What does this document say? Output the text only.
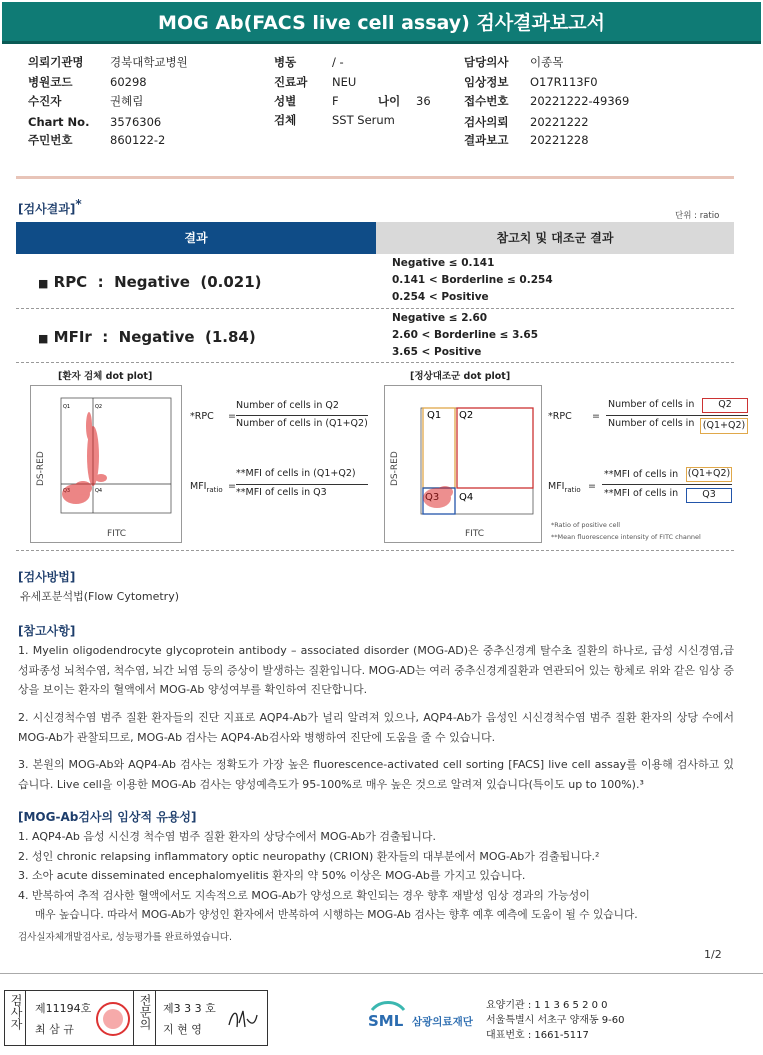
MOG Ab(FACS live cell assay) 검사결과보고서
의뢰기관명 경북대학교병원
병원코드	60298
수진자	권혜림
Chart No. 3576306
주민번호	860122-2
병동	/ -
진료과 NEU
성별	F	나이 36
검체	SST Serum
담당의사 이종목
임상정보 O17R113F0
접수번호 20221222-49369
검사의뢰 20221222
결과보고 20221228
[검사결과]*
단위 : ratio
결과	참고치 및 대조군 결과
■ RPC  :  Negative  (0.021)
Negative ≤ 0.141
0.141 < Borderline ≤ 0.254
0.254 < Positive
■ MFIr  :  Negative  (1.84)
Negative ≤ 2.60
2.60 < Borderline ≤ 3.65
3.65 < Positive
[환자 검체 dot plot]	[정상대조군 dot plot]
DS-RED
Q1	Q2
Q4
FITC
DS-RED
Q1 Q2
Q4
FITC
*RPC =
Number of cells in Q2
Number of cells in (Q1+Q2)
$MFI_{ratio}$ =
**MFI of cells in (Q1+Q2)
**MFI of cells in Q3
*RPC =
Number of cells in	Q2
Number of cells in (Q1+Q2)
$MFI_{ratio}$ =
**MFI of cells in (Q1+Q2)
**MFI of cells in	Q3
*Ratio of positive cell
**Mean fluorescence intensity of FITC channel
[검사방법]
유세포분석법(Flow Cytometry)
[참고사항]
1. Myelin oligodendrocyte glycoprotein antibody – associated disorder (MOG-AD)은 중추신경계 탈수초 질환의 하나로, 급성 시신경염,급성파종성 뇌척수염, 척수염, 뇌간 뇌염 등의 증상이 발생하는 질환입니다. MOG-AD는 여러 중추신경계질환과 연관되어 있는 항체로 위와 같은 임상 증상을 보이는 환자의 혈액에서 MOG-Ab 양성여부를 확인하여 진단합니다.
2. 시신경척수염 범주 질환 환자들의 진단 지표로 AQP4-Ab가 널리 알려져 있으나, AQP4-Ab가 음성인 시신경척수염 범주 질환 환자의 상당 수에서 MOG-Ab가 관찰되므로, MOG-Ab 검사는 AQP4-Ab검사와 병행하여 진단에 도움을 줄 수 있습니다.
3. 본원의 MOG-Ab와 AQP4-Ab 검사는 정확도가 가장 높은 fluorescence-activated cell sorting [FACS] live cell assay를 이용해 검사하고 있습니다. Live cell을 이용한 MOG-Ab 검사는 양성예측도가 95-100%로 매우 높은 것으로 알려져 있습니다(특이도 up to 100%).³
[MOG-Ab검사의 임상적 유용성]
1. AQP4-Ab 음성 시신경 척수염 범주 질환 환자의 상당수에서 MOG-Ab가 검출됩니다.
2. 성인 chronic relapsing inflammatory optic neuropathy (CRION) 환자들의 대부분에서 MOG-Ab가 검출됩니다.²
3. 소아 acute disseminated encephalomyelitis 환자의 약 50% 이상은 MOG-Ab를 가지고 있습니다.
4. 반복하여 추적 검사한 혈액에서도 지속적으로 MOG-Ab가 양성으로 확인되는 경우 향후 재발성 임상 경과의 가능성이
매우 높습니다. 따라서 MOG-Ab가 양성인 환자에서 반복하여 시행하는 MOG-Ab 검사는 향후 예후 예측에 도움이 될 수 있습니다.
검사실자체개발검사로, 성능평가를 완료하였습니다.
1/2
검사자 제11194호
최 삼 규	전문의 제3 3 3 호
지 현 영	SML 삼광의료재단
요양기관 : 1 1 3 6 5 2 0 0
서울특별시 서초구 양재동 9-60
대표번호 : 1661-5117
